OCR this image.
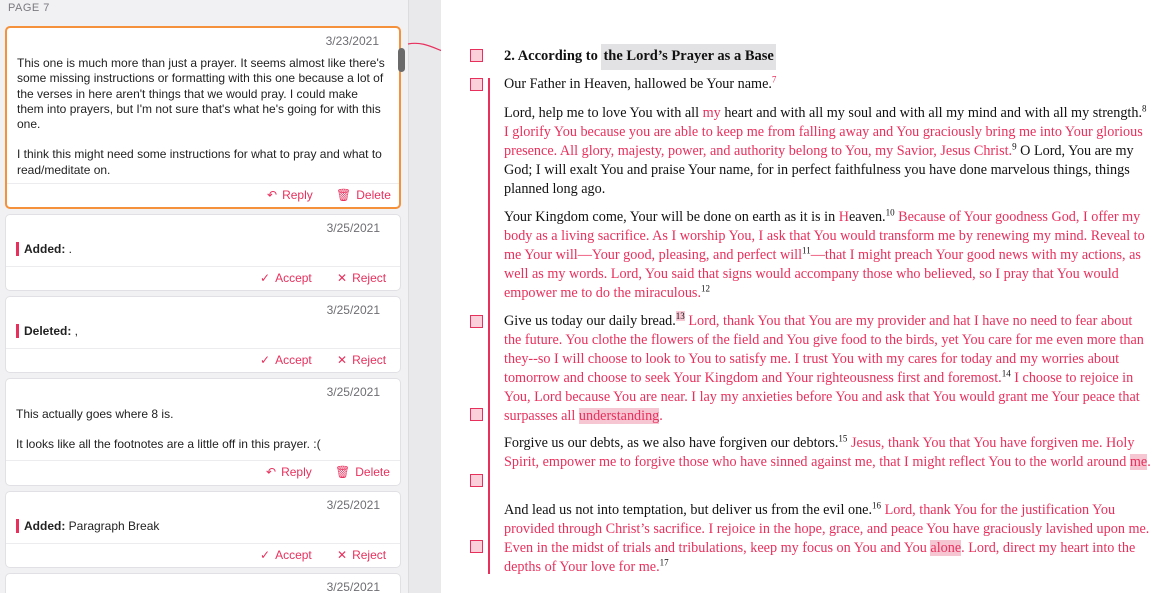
PAGE 7
3/23/2021

This one is much more than just a prayer. It seems almost like there's some missing instructions or formatting with this one because a lot of the verses in here aren't things that we would pray. I could make them into prayers, but I'm not sure that's what he's going for with this one.

I think this might need some instructions for what to pray and what to read/meditate on.

↶ Reply 🗑 Delete
3/25/2021
Added: .
✓ Accept ✕ Reject
3/25/2021
Deleted: ,
✓ Accept ✕ Reject
3/25/2021

This actually goes where 8 is.

It looks like all the footnotes are a little off in this prayer. :(

↶ Reply 🗑 Delete
3/25/2021
Added: Paragraph Break
✓ Accept ✕ Reject
3/25/2021
2. According to the Lord’s Prayer as a Base
Our Father in Heaven, hallowed be Your name.$^7$
Lord, help me to love You with all my heart and with all my soul and with all my mind and with all my strength.$^8$ I glorify You because you are able to keep me from falling away and You graciously bring me into Your glorious presence. All glory, majesty, power, and authority belong to You, my Savior, Jesus Christ.$^9$ O Lord, You are my God; I will exalt You and praise Your name, for in perfect faithfulness you have done marvelous things, things planned long ago.
Your Kingdom come, Your will be done on earth as it is in Heaven.$^{10}$ Because of Your goodness God, I offer my body as a living sacrifice. As I worship You, I ask that You would transform me by renewing my mind. Reveal to me Your will—Your good, pleasing, and perfect will$^{11}$—that I might preach Your good news with my actions, as well as my words. Lord, You said that signs would accompany those who believed, so I pray that You would empower me to do the miraculous.$^{12}$
Give us today our daily bread.$^{13}$ Lord, thank You that You are my provider and hat I have no need to fear about the future. You clothe the flowers of the field and You give food to the birds, yet You care for me even more than they--so I will choose to look to You to satisfy me. I trust You with my cares for today and my worries about tomorrow and choose to seek Your Kingdom and Your righteousness first and foremost.$^{14}$ I choose to rejoice in You, Lord because You are near. I lay my anxieties before You and ask that You would grant me Your peace that surpasses all understanding.
Forgive us our debts, as we also have forgiven our debtors.$^{15}$ Jesus, thank You that You have forgiven me. Holy Spirit, empower me to forgive those who have sinned against me, that I might reflect You to the world around me.
And lead us not into temptation, but deliver us from the evil one.$^{16}$ Lord, thank You for the justification You provided through Christ’s sacrifice. I rejoice in the hope, grace, and peace You have graciously lavished upon me. Even in the midst of trials and tribulations, keep my focus on You and You alone. Lord, direct my heart into the depths of Your love for me.$^{17}$
